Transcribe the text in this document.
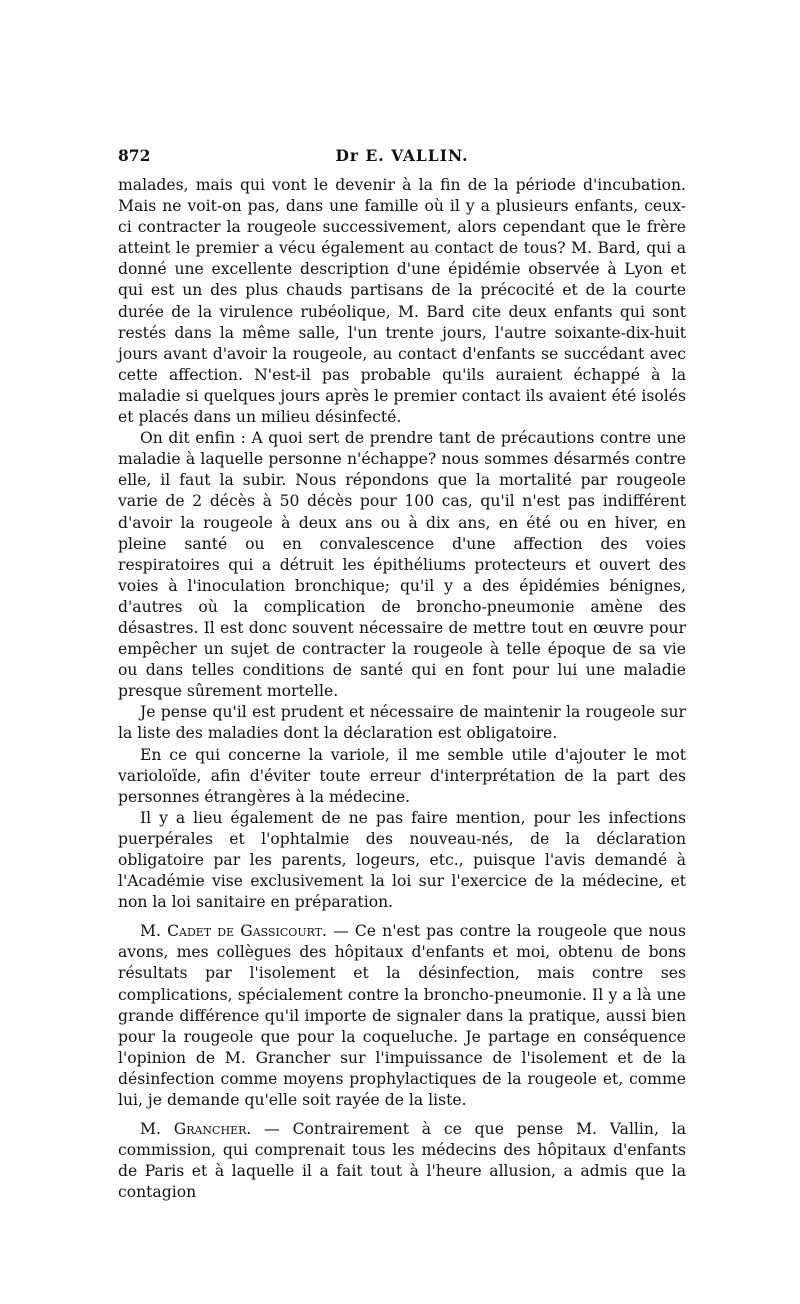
872	Dr E. VALLIN.

malades, mais qui vont le devenir à la fin de la période d'incubation. Mais ne voit-on pas, dans une famille où il y a plusieurs enfants, ceux-ci contracter la rougeole successivement, alors cependant que le frère atteint le premier a vécu également au contact de tous? M. Bard, qui a donné une excellente description d'une épidémie observée à Lyon et qui est un des plus chauds partisans de la précocité et de la courte durée de la virulence rubéolique, M. Bard cite deux enfants qui sont restés dans la même salle, l'un trente jours, l'autre soixante-dix-huit jours avant d'avoir la rougeole, au contact d'enfants se succédant avec cette affection. N'est-il pas probable qu'ils auraient échappé à la maladie si quelques jours après le premier contact ils avaient été isolés et placés dans un milieu désinfecté.

On dit enfin : A quoi sert de prendre tant de précautions contre une maladie à laquelle personne n'échappe? nous sommes désarmés contre elle, il faut la subir. Nous répondons que la mortalité par rougeole varie de 2 décès à 50 décès pour 100 cas, qu'il n'est pas indifférent d'avoir la rougeole à deux ans ou à dix ans, en été ou en hiver, en pleine santé ou en convalescence d'une affection des voies respiratoires qui a détruit les épithéliums protecteurs et ouvert des voies à l'inoculation bronchique; qu'il y a des épidémies bénignes, d'autres où la complication de broncho-pneumonie amène des désastres. Il est donc souvent nécessaire de mettre tout en œuvre pour empêcher un sujet de contracter la rougeole à telle époque de sa vie ou dans telles conditions de santé qui en font pour lui une maladie presque sûrement mortelle.

Je pense qu'il est prudent et nécessaire de maintenir la rougeole sur la liste des maladies dont la déclaration est obligatoire.

En ce qui concerne la variole, il me semble utile d'ajouter le mot varioloïde, afin d'éviter toute erreur d'interprétation de la part des personnes étrangères à la médecine.

Il y a lieu également de ne pas faire mention, pour les infections puerpérales et l'ophtalmie des nouveau-nés, de la déclaration obligatoire par les parents, logeurs, etc., puisque l'avis demandé à l'Académie vise exclusivement la loi sur l'exercice de la médecine, et non la loi sanitaire en préparation.

M. Cadet de Gassicourt. — Ce n'est pas contre la rougeole que nous avons, mes collègues des hôpitaux d'enfants et moi, obtenu de bons résultats par l'isolement et la désinfection, mais contre ses complications, spécialement contre la broncho-pneumonie. Il y a là une grande différence qu'il importe de signaler dans la pratique, aussi bien pour la rougeole que pour la coqueluche. Je partage en conséquence l'opinion de M. Grancher sur l'impuissance de l'isolement et de la désinfection comme moyens prophylactiques de la rougeole et, comme lui, je demande qu'elle soit rayée de la liste.

M. Grancher. — Contrairement à ce que pense M. Vallin, la commission, qui comprenait tous les médecins des hôpitaux d'enfants de Paris et à laquelle il a fait tout à l'heure allusion, a admis que la contagion
